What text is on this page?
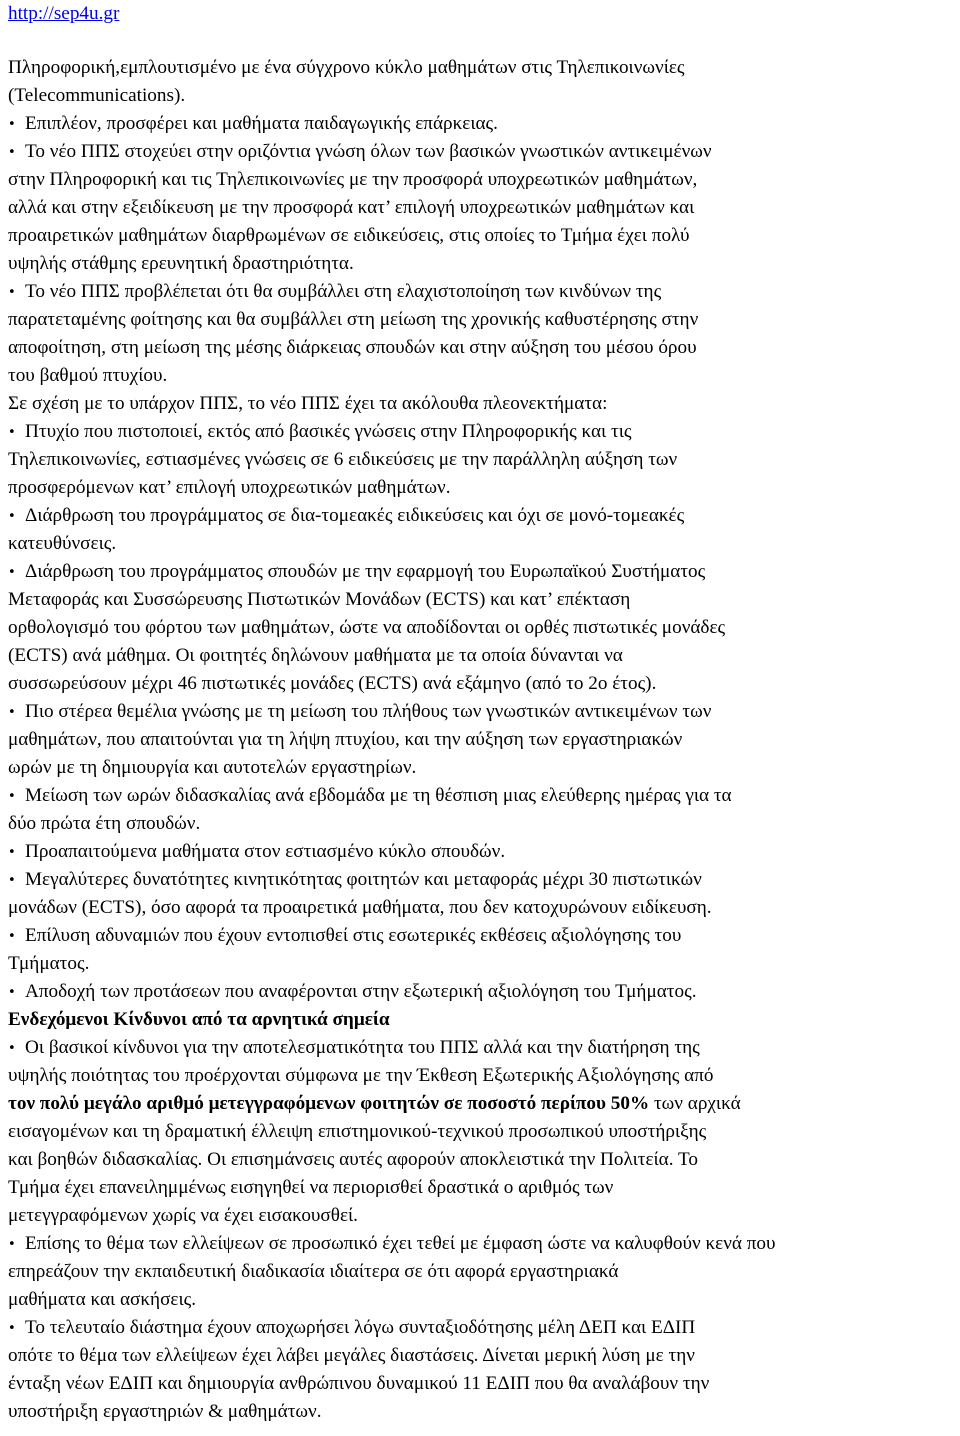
http://sep4u.gr
Πληροφορική,εμπλουτισμένο με ένα σύγχρονο κύκλο μαθημάτων στις Τηλεπικοινωνίες
(Telecommunications).
• Επιπλέον, προσφέρει και μαθήματα παιδαγωγικής επάρκειας.
• Το νέο ΠΠΣ στοχεύει στην οριζόντια γνώση όλων των βασικών γνωστικών αντικειμένων
στην Πληροφορική και τις Τηλεπικοινωνίες με την προσφορά υποχρεωτικών μαθημάτων,
αλλά και στην εξειδίκευση με την προσφορά κατ’ επιλογή υποχρεωτικών μαθημάτων και
προαιρετικών μαθημάτων διαρθρωμένων σε ειδικεύσεις, στις οποίες το Τμήμα έχει πολύ
υψηλής στάθμης ερευνητική δραστηριότητα.
• Το νέο ΠΠΣ προβλέπεται ότι θα συμβάλλει στη ελαχιστοποίηση των κινδύνων της
παρατεταμένης φοίτησης και θα συμβάλλει στη μείωση της χρονικής καθυστέρησης στην
αποφοίτηση, στη μείωση της μέσης διάρκειας σπουδών και στην αύξηση του μέσου όρου
του βαθμού πτυχίου.
Σε σχέση με το υπάρχον ΠΠΣ, το νέο ΠΠΣ έχει τα ακόλουθα πλεονεκτήματα:
• Πτυχίο που πιστοποιεί, εκτός από βασικές γνώσεις στην Πληροφορικής και τις
Τηλεπικοινωνίες, εστιασμένες γνώσεις σε 6 ειδικεύσεις με την παράλληλη αύξηση των
προσφερόμενων κατ’ επιλογή υποχρεωτικών μαθημάτων.
• Διάρθρωση του προγράμματος σε δια-τομεακές ειδικεύσεις και όχι σε μονό-τομεακές
κατευθύνσεις.
• Διάρθρωση του προγράμματος σπουδών με την εφαρμογή του Ευρωπαϊκού Συστήματος
Μεταφοράς και Συσσώρευσης Πιστωτικών Μονάδων (ECTS) και κατ’ επέκταση
ορθολογισμό του φόρτου των μαθημάτων, ώστε να αποδίδονται οι ορθές πιστωτικές μονάδες
(ECTS) ανά μάθημα. Οι φοιτητές δηλώνουν μαθήματα με τα οποία δύνανται να
συσσωρεύσουν μέχρι 46 πιστωτικές μονάδες (ECTS) ανά εξάμηνο (από το 2ο έτος).
• Πιο στέρεα θεμέλια γνώσης με τη μείωση του πλήθους των γνωστικών αντικειμένων των
μαθημάτων, που απαιτούνται για τη λήψη πτυχίου, και την αύξηση των εργαστηριακών
ωρών με τη δημιουργία και αυτοτελών εργαστηρίων.
• Μείωση των ωρών διδασκαλίας ανά εβδομάδα με τη θέσπιση μιας ελεύθερης ημέρας για τα
δύο πρώτα έτη σπουδών.
• Προαπαιτούμενα μαθήματα στον εστιασμένο κύκλο σπουδών.
• Μεγαλύτερες δυνατότητες κινητικότητας φοιτητών και μεταφοράς μέχρι 30 πιστωτικών
μονάδων (ECTS), όσο αφορά τα προαιρετικά μαθήματα, που δεν κατοχυρώνουν ειδίκευση.
• Επίλυση αδυναμιών που έχουν εντοπισθεί στις εσωτερικές εκθέσεις αξιολόγησης του
Τμήματος.
• Αποδοχή των προτάσεων που αναφέρονται στην εξωτερική αξιολόγηση του Τμήματος.
Ενδεχόμενοι Κίνδυνοι από τα αρνητικά σημεία
• Οι βασικοί κίνδυνοι για την αποτελεσματικότητα του ΠΠΣ αλλά και την διατήρηση της
υψηλής ποιότητας του προέρχονται σύμφωνα με την Έκθεση Εξωτερικής Αξιολόγησης από
τον πολύ μεγάλο αριθμό μετεγγραφόμενων φοιτητών σε ποσοστό περίπου 50% των αρχικά
εισαγομένων και τη δραματική έλλειψη επιστημονικού-τεχνικού προσωπικού υποστήριξης
και βοηθών διδασκαλίας. Οι επισημάνσεις αυτές αφορούν αποκλειστικά την Πολιτεία. Το
Τμήμα έχει επανειλημμένως εισηγηθεί να περιορισθεί δραστικά ο αριθμός των
μετεγγραφόμενων χωρίς να έχει εισακουσθεί.
• Επίσης το θέμα των ελλείψεων σε προσωπικό έχει τεθεί με έμφαση ώστε να καλυφθούν κενά που
επηρεάζουν την εκπαιδευτική διαδικασία ιδιαίτερα σε ότι αφορά εργαστηριακά
μαθήματα και ασκήσεις.
• Το τελευταίο διάστημα έχουν αποχωρήσει λόγω συνταξιοδότησης μέλη ΔΕΠ και ΕΔΙΠ
οπότε το θέμα των ελλείψεων έχει λάβει μεγάλες διαστάσεις. Δίνεται μερική λύση με την
ένταξη νέων ΕΔΙΠ και δημιουργία ανθρώπινου δυναμικού 11 ΕΔΙΠ που θα αναλάβουν την
υποστήριξη εργαστηριών & μαθημάτων.
